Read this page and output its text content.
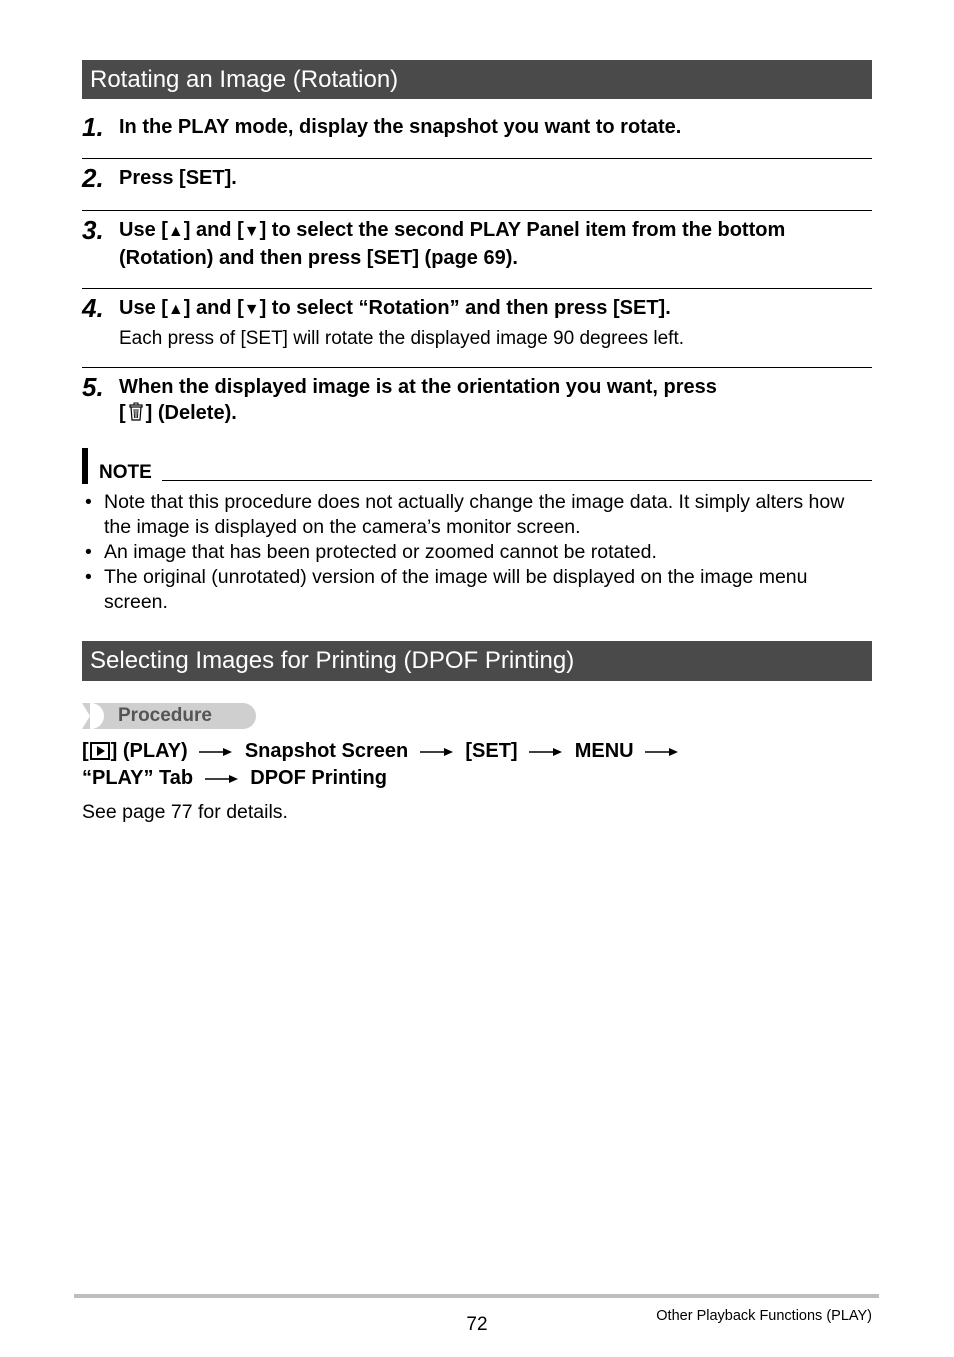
Rotating an Image (Rotation)
1. In the PLAY mode, display the snapshot you want to rotate.
2. Press [SET].
3. Use [▲] and [▼] to select the second PLAY Panel item from the bottom
(Rotation) and then press [SET] (page 69).
4. Use [▲] and [▼] to select “Rotation” and then press [SET].
Each press of [SET] will rotate the displayed image 90 degrees left.
5. When the displayed image is at the orientation you want, press
[ ] (Delete).
NOTE
• Note that this procedure does not actually change the image data. It simply alters how the image is displayed on the camera’s monitor screen.
• An image that has been protected or zoomed cannot be rotated.
• The original (unrotated) version of the image will be displayed on the image menu screen.
Selecting Images for Printing (DPOF Printing)
Procedure
[ ] (PLAY)	Snapshot Screen	[SET]	MENU
“PLAY” Tab	DPOF Printing
See page 77 for details.
72	Other Playback Functions (PLAY)
